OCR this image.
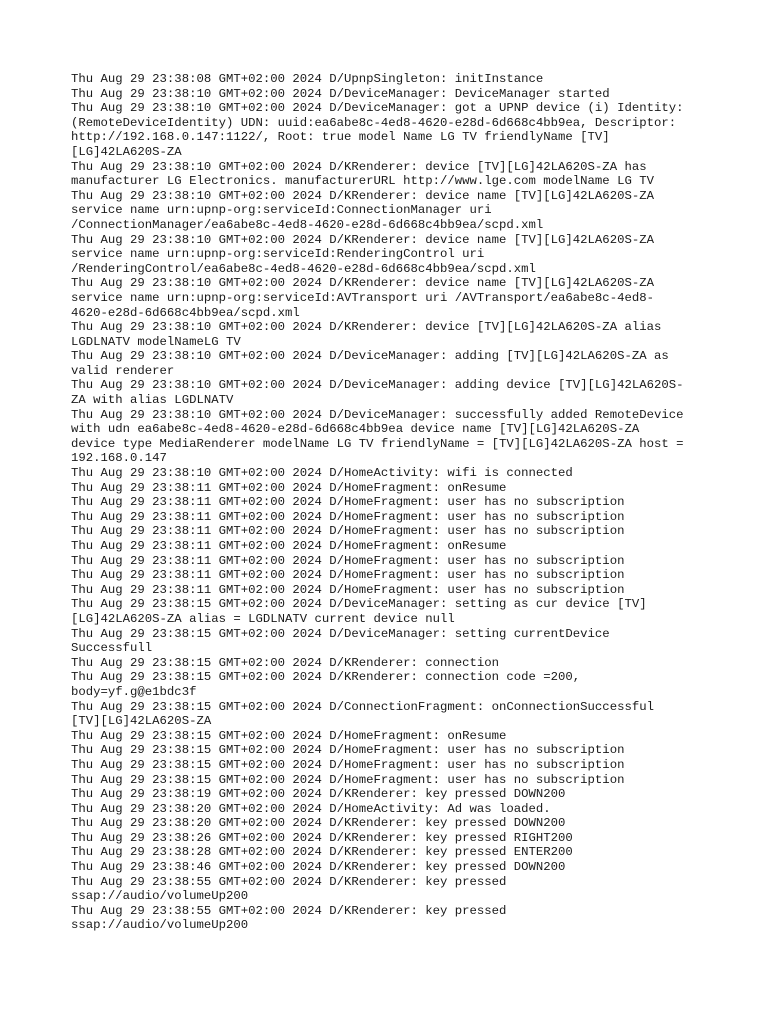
Thu Aug 29 23:38:08 GMT+02:00 2024 D/UpnpSingleton: initInstance
Thu Aug 29 23:38:10 GMT+02:00 2024 D/DeviceManager: DeviceManager started
Thu Aug 29 23:38:10 GMT+02:00 2024 D/DeviceManager: got a UPNP device (i) Identity:
(RemoteDeviceIdentity) UDN: uuid:ea6abe8c-4ed8-4620-e28d-6d668c4bb9ea, Descriptor:
http://192.168.0.147:1122/, Root: true model Name LG TV friendlyName [TV]
[LG]42LA620S-ZA
Thu Aug 29 23:38:10 GMT+02:00 2024 D/KRenderer: device [TV][LG]42LA620S-ZA has
manufacturer LG Electronics. manufacturerURL http://www.lge.com modelName LG TV
Thu Aug 29 23:38:10 GMT+02:00 2024 D/KRenderer: device name [TV][LG]42LA620S-ZA
service name urn:upnp-org:serviceId:ConnectionManager uri
/ConnectionManager/ea6abe8c-4ed8-4620-e28d-6d668c4bb9ea/scpd.xml
Thu Aug 29 23:38:10 GMT+02:00 2024 D/KRenderer: device name [TV][LG]42LA620S-ZA
service name urn:upnp-org:serviceId:RenderingControl uri
/RenderingControl/ea6abe8c-4ed8-4620-e28d-6d668c4bb9ea/scpd.xml
Thu Aug 29 23:38:10 GMT+02:00 2024 D/KRenderer: device name [TV][LG]42LA620S-ZA
service name urn:upnp-org:serviceId:AVTransport uri /AVTransport/ea6abe8c-4ed8-
4620-e28d-6d668c4bb9ea/scpd.xml
Thu Aug 29 23:38:10 GMT+02:00 2024 D/KRenderer: device [TV][LG]42LA620S-ZA alias
LGDLNATV modelNameLG TV
Thu Aug 29 23:38:10 GMT+02:00 2024 D/DeviceManager: adding [TV][LG]42LA620S-ZA as
valid renderer
Thu Aug 29 23:38:10 GMT+02:00 2024 D/DeviceManager: adding device [TV][LG]42LA620S-
ZA with alias LGDLNATV
Thu Aug 29 23:38:10 GMT+02:00 2024 D/DeviceManager: successfully added RemoteDevice
with udn ea6abe8c-4ed8-4620-e28d-6d668c4bb9ea device name [TV][LG]42LA620S-ZA
device type MediaRenderer modelName LG TV friendlyName = [TV][LG]42LA620S-ZA host =
192.168.0.147
Thu Aug 29 23:38:10 GMT+02:00 2024 D/HomeActivity: wifi is connected
Thu Aug 29 23:38:11 GMT+02:00 2024 D/HomeFragment: onResume
Thu Aug 29 23:38:11 GMT+02:00 2024 D/HomeFragment: user has no subscription
Thu Aug 29 23:38:11 GMT+02:00 2024 D/HomeFragment: user has no subscription
Thu Aug 29 23:38:11 GMT+02:00 2024 D/HomeFragment: user has no subscription
Thu Aug 29 23:38:11 GMT+02:00 2024 D/HomeFragment: onResume
Thu Aug 29 23:38:11 GMT+02:00 2024 D/HomeFragment: user has no subscription
Thu Aug 29 23:38:11 GMT+02:00 2024 D/HomeFragment: user has no subscription
Thu Aug 29 23:38:11 GMT+02:00 2024 D/HomeFragment: user has no subscription
Thu Aug 29 23:38:15 GMT+02:00 2024 D/DeviceManager: setting as cur device [TV]
[LG]42LA620S-ZA alias = LGDLNATV current device null
Thu Aug 29 23:38:15 GMT+02:00 2024 D/DeviceManager: setting currentDevice
Successfull
Thu Aug 29 23:38:15 GMT+02:00 2024 D/KRenderer: connection
Thu Aug 29 23:38:15 GMT+02:00 2024 D/KRenderer: connection code =200,
body=yf.g@e1bdc3f
Thu Aug 29 23:38:15 GMT+02:00 2024 D/ConnectionFragment: onConnectionSuccessful
[TV][LG]42LA620S-ZA
Thu Aug 29 23:38:15 GMT+02:00 2024 D/HomeFragment: onResume
Thu Aug 29 23:38:15 GMT+02:00 2024 D/HomeFragment: user has no subscription
Thu Aug 29 23:38:15 GMT+02:00 2024 D/HomeFragment: user has no subscription
Thu Aug 29 23:38:15 GMT+02:00 2024 D/HomeFragment: user has no subscription
Thu Aug 29 23:38:19 GMT+02:00 2024 D/KRenderer: key pressed DOWN200
Thu Aug 29 23:38:20 GMT+02:00 2024 D/HomeActivity: Ad was loaded.
Thu Aug 29 23:38:20 GMT+02:00 2024 D/KRenderer: key pressed DOWN200
Thu Aug 29 23:38:26 GMT+02:00 2024 D/KRenderer: key pressed RIGHT200
Thu Aug 29 23:38:28 GMT+02:00 2024 D/KRenderer: key pressed ENTER200
Thu Aug 29 23:38:46 GMT+02:00 2024 D/KRenderer: key pressed DOWN200
Thu Aug 29 23:38:55 GMT+02:00 2024 D/KRenderer: key pressed
ssap://audio/volumeUp200
Thu Aug 29 23:38:55 GMT+02:00 2024 D/KRenderer: key pressed
ssap://audio/volumeUp200
